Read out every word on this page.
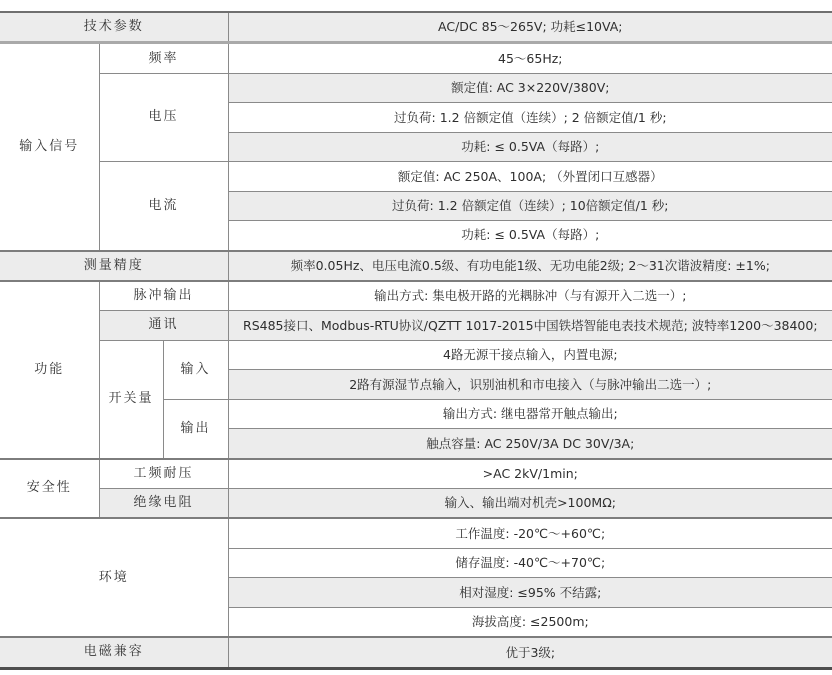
技术参数			AC/DC 85～265V; 功耗≤10VA;
输入信号	频率		45～65Hz;
	电压		额定值: AC 3×220V/380V;
			过负荷: 1.2 倍额定值（连续）; 2 倍额定值/1 秒;
			功耗: ≤ 0.5VA（每路）;
	电流		额定值: AC 250A、100A; （外置闭口互感器）
			过负荷: 1.2 倍额定值（连续）; 10倍额定值/1 秒;
			功耗: ≤ 0.5VA（每路）;
测量精度			频率0.05Hz、电压电流0.5级、有功电能1级、无功电能2级; 2～31次谐波精度: ±1%;
功能	脉冲输出		输出方式: 集电极开路的光耦脉冲（与有源开入二选一）;
	通讯		RS485接口、Modbus-RTU协议/QZTT 1017-2015中国铁塔智能电表技术规范; 波特率1200～38400;
	开关量	输入	4路无源干接点输入，内置电源;
			2路有源湿节点输入，识别油机和市电接入（与脉冲输出二选一）;
		输出	输出方式: 继电器常开触点输出;
			触点容量: AC 250V/3A DC 30V/3A;
安全性	工频耐压		>AC 2kV/1min;
	绝缘电阻		输入、输出端对机壳>100MΩ;
环境			工作温度: -20℃～+60℃;
			储存温度: -40℃～+70℃;
			相对湿度: ≤95% 不结露;
			海拔高度: ≤2500m;
电磁兼容			优于3级;
